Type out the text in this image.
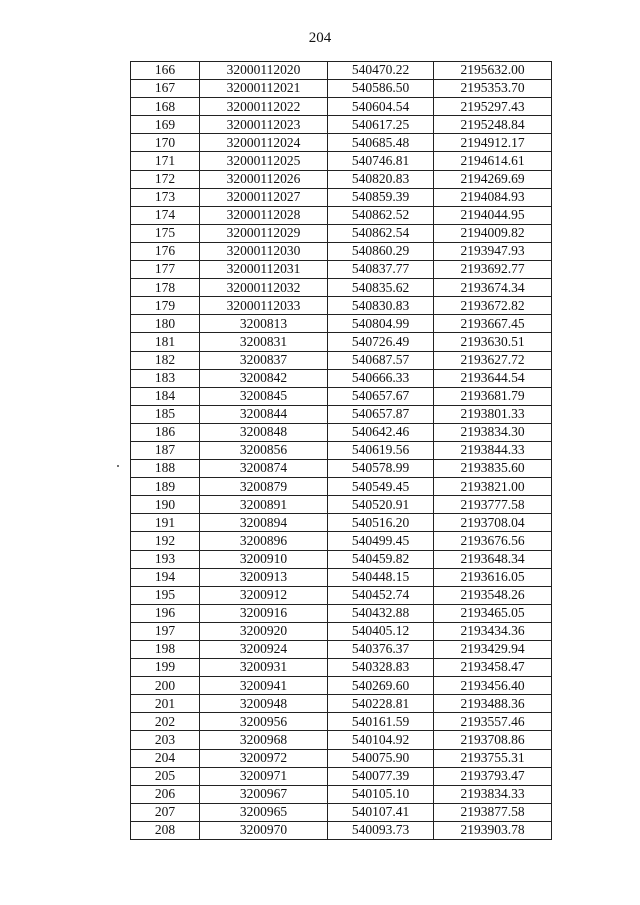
204
166	32000112020	540470.22	2195632.00
167	32000112021	540586.50	2195353.70
168	32000112022	540604.54	2195297.43
169	32000112023	540617.25	2195248.84
170	32000112024	540685.48	2194912.17
171	32000112025	540746.81	2194614.61
172	32000112026	540820.83	2194269.69
173	32000112027	540859.39	2194084.93
174	32000112028	540862.52	2194044.95
175	32000112029	540862.54	2194009.82
176	32000112030	540860.29	2193947.93
177	32000112031	540837.77	2193692.77
178	32000112032	540835.62	2193674.34
179	32000112033	540830.83	2193672.82
180	3200813	540804.99	2193667.45
181	3200831	540726.49	2193630.51
182	3200837	540687.57	2193627.72
183	3200842	540666.33	2193644.54
184	3200845	540657.67	2193681.79
185	3200844	540657.87	2193801.33
186	3200848	540642.46	2193834.30
187	3200856	540619.56	2193844.33
188	3200874	540578.99	2193835.60
189	3200879	540549.45	2193821.00
190	3200891	540520.91	2193777.58
191	3200894	540516.20	2193708.04
192	3200896	540499.45	2193676.56
193	3200910	540459.82	2193648.34
194	3200913	540448.15	2193616.05
195	3200912	540452.74	2193548.26
196	3200916	540432.88	2193465.05
197	3200920	540405.12	2193434.36
198	3200924	540376.37	2193429.94
199	3200931	540328.83	2193458.47
200	3200941	540269.60	2193456.40
201	3200948	540228.81	2193488.36
202	3200956	540161.59	2193557.46
203	3200968	540104.92	2193708.86
204	3200972	540075.90	2193755.31
205	3200971	540077.39	2193793.47
206	3200967	540105.10	2193834.33
207	3200965	540107.41	2193877.58
208	3200970	540093.73	2193903.78
